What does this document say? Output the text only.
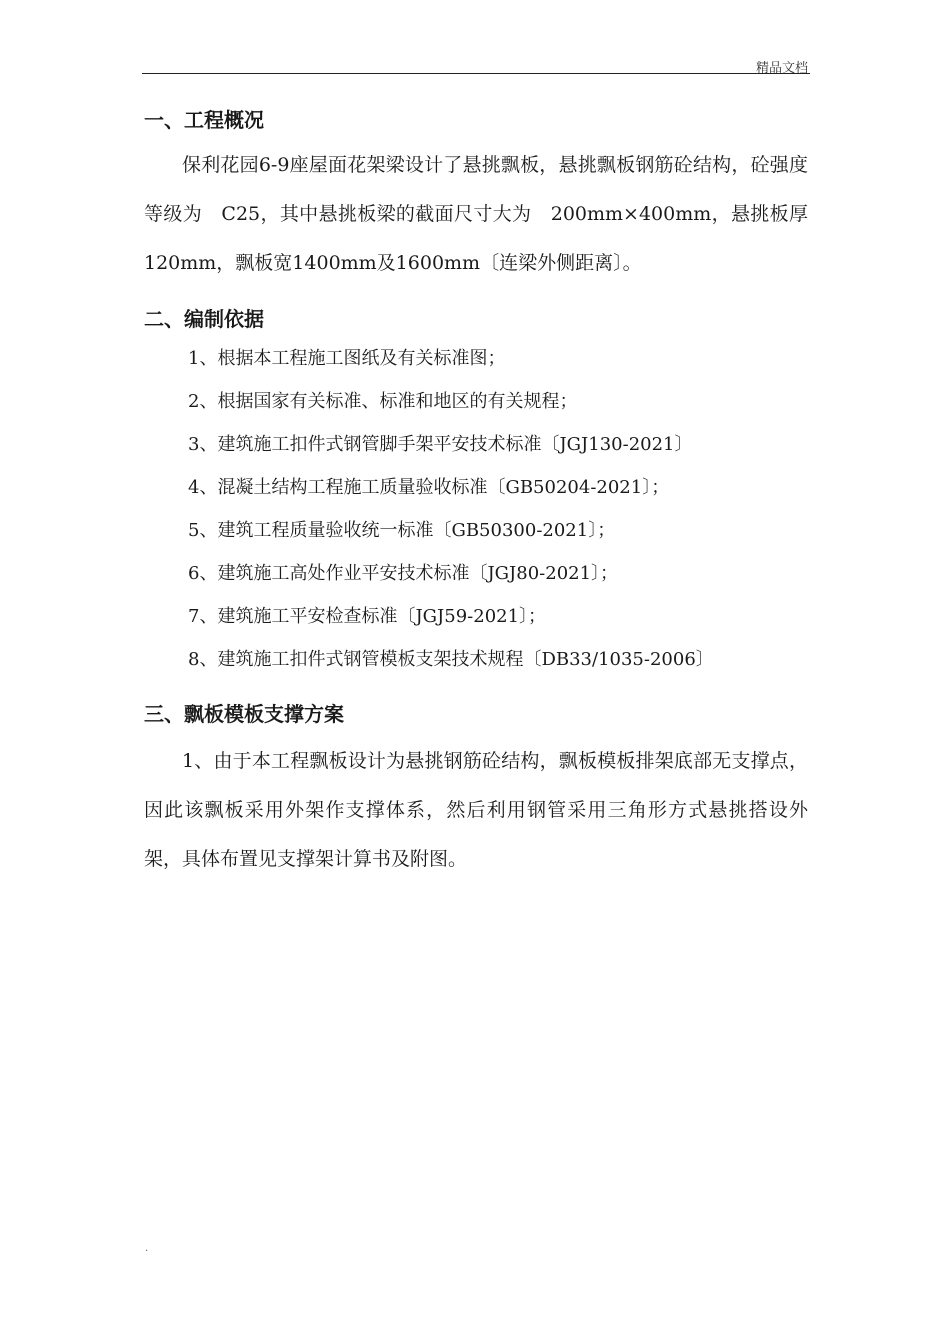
精品文档
一、工程概况

保利花园6-9座屋面花架梁设计了悬挑飘板，悬挑飘板钢筋砼结构，砼强度等级为　C25，其中悬挑板梁的截面尺寸大为　200mm×400mm，悬挑板厚120mm，飘板宽1400mm及1600mm〔连梁外侧距离〕。

二、编制依据

1、根据本工程施工图纸及有关标准图；

2、根据国家有关标准、标准和地区的有关规程；

3、建筑施工扣件式钢管脚手架平安技术标准〔JGJ130-2021〕

4、混凝土结构工程施工质量验收标准〔GB50204-2021〕；

5、建筑工程质量验收统一标准〔GB50300-2021〕；

6、建筑施工高处作业平安技术标准〔JGJ80-2021〕；

7、建筑施工平安检查标准〔JGJ59-2021〕；

8、建筑施工扣件式钢管模板支架技术规程〔DB33/1035-2006〕

三、飘板模板支撑方案

1、由于本工程飘板设计为悬挑钢筋砼结构，飘板模板排架底部无支撑点，因此该飘板采用外架作支撑体系，然后利用钢管采用三角形方式悬挑搭设外架，具体布置见支撑架计算书及附图。

.
